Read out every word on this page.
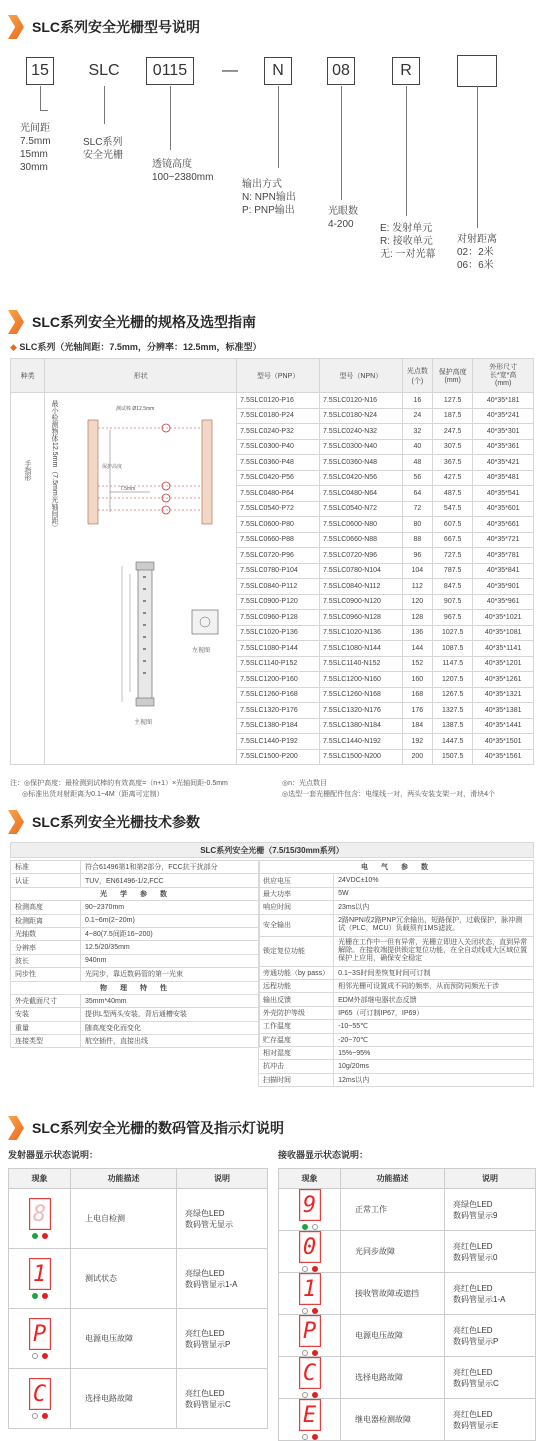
SLC系列安全光栅型号说明
15	SLC	0115	—	N	08	R
光间距
7.5mm
15mm
30mm
SLC系列
安全光栅
透镜高度
100~2380mm
输出方式
N: NPN输出
P: PNP输出	光眼数
4-200	E: 发射单元
R: 接收单元
无: 一对光幕
对射距离
02：2米
06：6米
SLC系列安全光栅的规格及选型指南
◆ SLC系列（光轴间距：7.5mm，分辨率：12.5mm，标准型）
种类	形状	型号（PNP）	型号（NPN）	光点数
(个)	保护高度
(mm)	外形尺寸
长*宽*高
(mm)
		7.5SLC0120-P16	7.5SLC0120-N16	16	127.5	40*35*181
		7.5SLC0180-P24	7.5SLC0180-N24	24	187.5	40*35*241
		7.5SLC0240-P32	7.5SLC0240-N32	32	247.5	40*35*301
		7.5SLC0300-P40	7.5SLC0300-N40	40	307.5	40*35*361
		7.5SLC0360-P48	7.5SLC0360-N48	48	367.5	40*35*421
		7.5SLC0420-P56	7.5SLC0420-N56	56	427.5	40*35*481
		7.5SLC0480-P64	7.5SLC0480-N64	64	487.5	40*35*541
		7.5SLC0540-P72	7.5SLC0540-N72	72	547.5	40*35*601
		7.5SLC0600-P80	7.5SLC0600-N80	80	607.5	40*35*661
		7.5SLC0660-P88	7.5SLC0660-N88	88	667.5	40*35*721
		7.5SLC0720-P96	7.5SLC0720-N96	96	727.5	40*35*781
		7.5SLC0780-P104	7.5SLC0780-N104	104	787.5	40*35*841
		7.5SLC0840-P112	7.5SLC0840-N112	112	847.5	40*35*901
		7.5SLC0900-P120	7.5SLC0900-N120	120	907.5	40*35*961
		7.5SLC0960-P128	7.5SLC0960-N128	128	967.5	40*35*1021
		7.5SLC1020-P136	7.5SLC1020-N136	136	1027.5	40*35*1081
		7.5SLC1080-P144	7.5SLC1080-N144	144	1087.5	40*35*1141
		7.5SLC1140-P152	7.5SLC1140-N152	152	1147.5	40*35*1201
		7.5SLC1200-P160	7.5SLC1200-N160	160	1207.5	40*35*1261
		7.5SLC1260-P168	7.5SLC1260-N168	168	1267.5	40*35*1321
		7.5SLC1320-P176	7.5SLC1320-N176	176	1327.5	40*35*1381
		7.5SLC1380-P184	7.5SLC1380-N184	184	1387.5	40*35*1441
		7.5SLC1440-P192	7.5SLC1440-N192	192	1447.5	40*35*1501
		7.5SLC1500-P200	7.5SLC1500-N200	200	1507.5	40*35*1561
手指形	最小检测物体12.5mm（7.5mm光轴间距）	测试棒 Ø12.5mm
保护高度
7.5mm
主视图
左视图
注：◎保护高度：最检测到试棒的有效高度=（n+1）×光轴间距-0.5mm
◎标准出货对射距离为0.1~4M（距离可定制）
◎n：光点数目
◎选型一套光栅配件包含：电缆线一对，两头安装支架一对，滑块4个
SLC系列安全光栅技术参数
SLC系列安全光栅（7.5/15/30mm系列）
标准	符合61496第1和第2部分，FCC抗干扰部分
认证	TUV，EN61496-1/2,FCC
光　学　参　数	
检测高度	90~2370mm
检测距离	0.1~6m(2~20m)
光轴数	4~80(7.5间距16~200)
分辨率	12.5/20/35mm
波长	940nm
同步性	光同步，靠近数码管的第一光束
物　理　特　性	
外壳截面尺寸	35mm*40mm
安装	提供L型两头安装，背后通槽安装
重量	随高度变化而变化
连接类型	航空插件，直接出线
电　气　参　数	
供应电压	24VDC±10%
最大功率	5W
响应时间	23ms以内
安全输出	2路NPN或2路PNP冗余输出，短路保护，过载保护，脉冲测试（PLC，MCU）负载须有1MS滤波。
锁定复位功能	光栅在工作中一但有异常，光栅立即进入关闭状态，直到异常解除。在接收端提供锁定复位功能，在全自动线或大区域位置保护上应用，确保安全稳定
旁通功能（by pass）	0.1~3S时间差恢复时间可订制
远程功能	相邻光栅可设置成不同的频率，从而预防同频光干涉
输出反馈	EDM外部继电器状态反馈
外壳防护等级	IP65（可订制IP67，IP69）
工作温度	-10~55℃
贮存温度	-20~70℃
相对湿度	15%~95%
抗冲击	10g/20ms
扫描时间	12ms以内
SLC系列安全光栅的数码管及指示灯说明
发射器显示状态说明：	接收器显示状态说明：
现象	功能描述	说明

8	上电自检测	亮绿色LED
数码管无显示

1	测试状态	亮绿色LED
数码管显示1-A

P	电源电压故障	亮红色LED
数码管显示P

C	选择电路故障	亮红色LED
数码管显示C
现象	功能描述	说明

9	正常工作	亮绿色LED
数码管显示9

0	光同步故障	亮红色LED
数码管显示0

1	接收管故障或遮挡	亮红色LED
数码管显示1-A

P	电源电压故障	亮红色LED
数码管显示P

C	选择电路故障	亮红色LED
数码管显示C

E	继电器检测故障	亮红色LED
数码管显示E
